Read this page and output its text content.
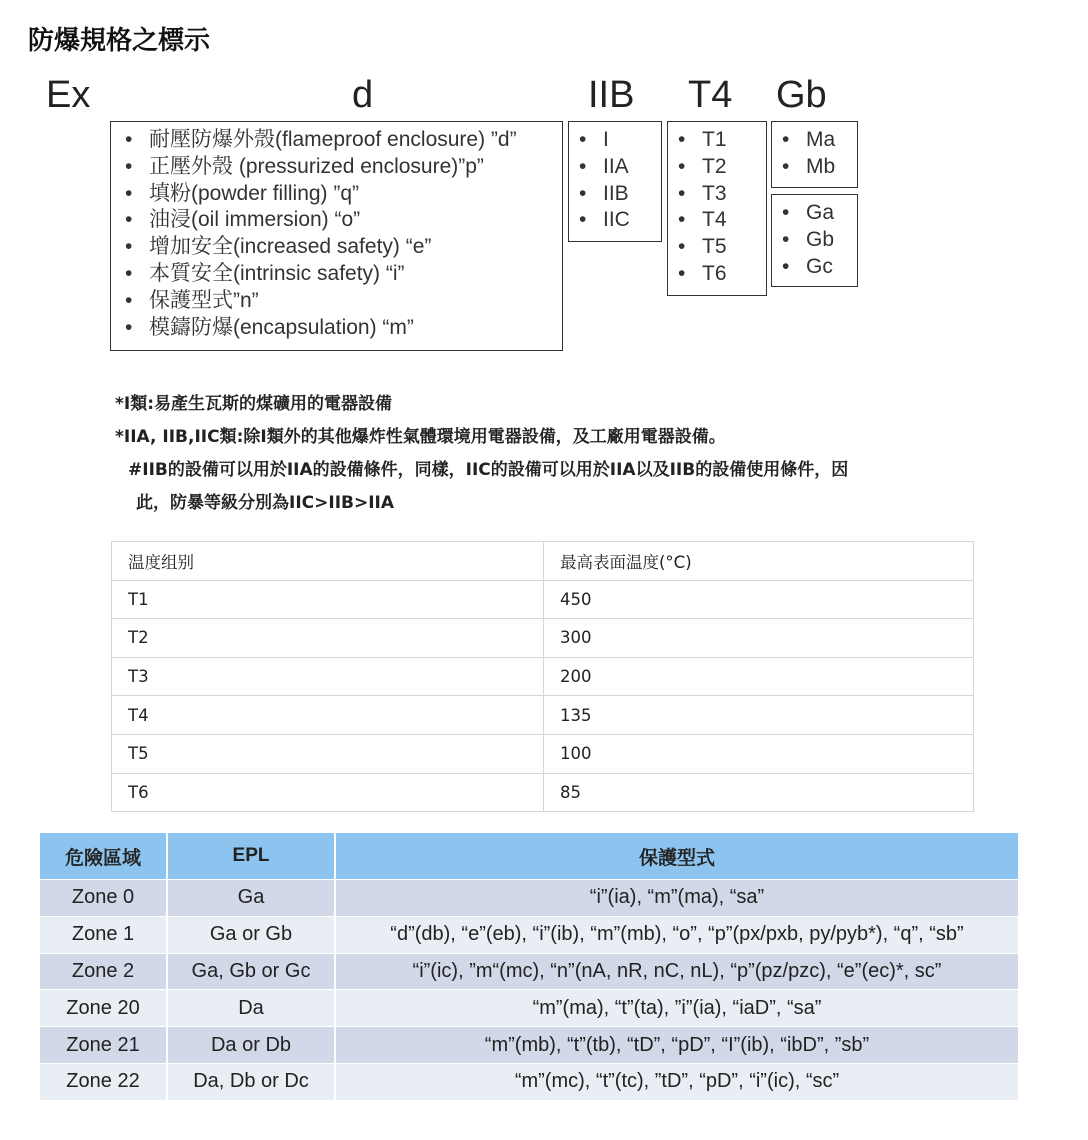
防爆規格之標示
Ex	d	IIB T4 Gb
• 耐壓防爆外殼(flameproof enclosure) ”d”
• 正壓外殼 (pressurized enclosure)”p”
• 填粉(powder filling) ”q”
• 油浸(oil immersion) “o”
• 增加安全(increased safety) “e”
• 本質安全(intrinsic safety) “i”
• 保護型式”n”
• 模鑄防爆(encapsulation) “m”
• I
• IIA
• IIB
• IIC
• T1
• T2
• T3
• T4
• T5
• T6
• Ma
• Mb
• Ga
• Gb
• Gc
*I類:易產生瓦斯的煤礦用的電器設備
*IIA, IIB,IIC類:除I類外的其他爆炸性氣體環境用電器設備，及工廠用電器設備。
#IIB的設備可以用於IIA的設備條件，同樣，IIC的設備可以用於IIA以及IIB的設備使用條件，因
此，防暴等級分別為IIC>IIB>IIA
温度组别	最高表面温度(°C)
T1	450
T2	300
T3	200
T4	135
T5	100
T6	85
危險區域	EPL	保護型式
Zone 0	Ga	“i”(ia), “m”(ma), “sa”
Zone 1	Ga or Gb	“d”(db), “e”(eb), “i”(ib), “m”(mb), “o”, “p”(px/pxb, py/pyb*), “q”, “sb”
Zone 2	Ga, Gb or Gc	“i”(ic), ”m“(mc), “n”(nA, nR, nC, nL), “p”(pz/pzc), “e”(ec)*, sc”
Zone 20	Da	“m”(ma), “t”(ta), ”i”(ia), “iaD”, “sa”
Zone 21	Da or Db	“m”(mb), “t”(tb), “tD”, “pD”, “I”(ib), “ibD”, ”sb”
Zone 22	Da, Db or Dc	“m”(mc), “t”(tc), ”tD”, “pD”, “i”(ic), “sc”
